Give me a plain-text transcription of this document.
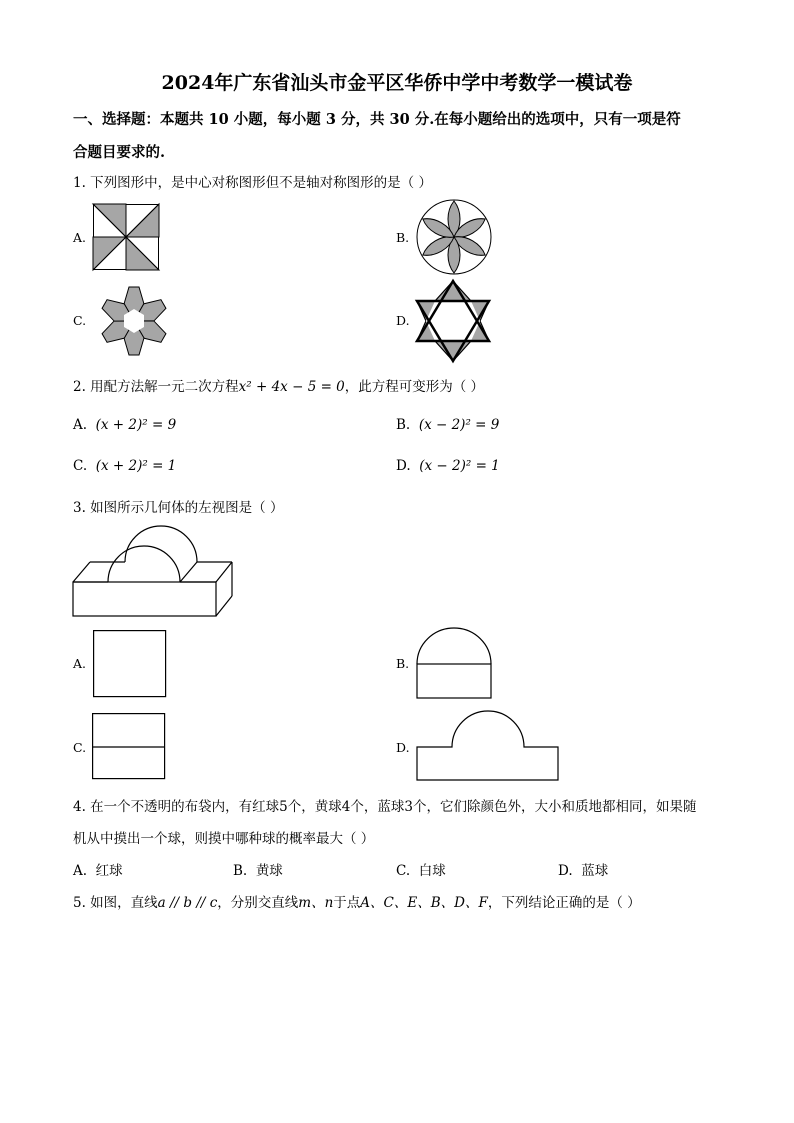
2024年广东省汕头市金平区华侨中学中考数学一模试卷
一、选择题：本题共 10 小题，每小题 3 分，共 30 分.在每小题给出的选项中，只有一项是符
合题目要求的.
1. 下列图形中，是中心对称图形但不是轴对称图形的是（ ）
A.	B.
C.	D.
2. 用配方法解一元二次方程x² + 4x − 5 = 0，此方程可变形为（ ）
A. (x + 2)² = 9	B. (x − 2)² = 9
C. (x + 2)² = 1	D. (x − 2)² = 1
3. 如图所示几何体的左视图是（ ）
A.	B.
C.	D.
4. 在一个不透明的布袋内，有红球5个，黄球4个，蓝球3个，它们除颜色外，大小和质地都相同，如果随
机从中摸出一个球，则摸中哪种球的概率最大（ ）
A. 红球	B. 黄球	C. 白球	D. 蓝球
5. 如图，直线a // b // c，分别交直线m、n于点A、C、E、B、D、F，下列结论正确的是（ ）
